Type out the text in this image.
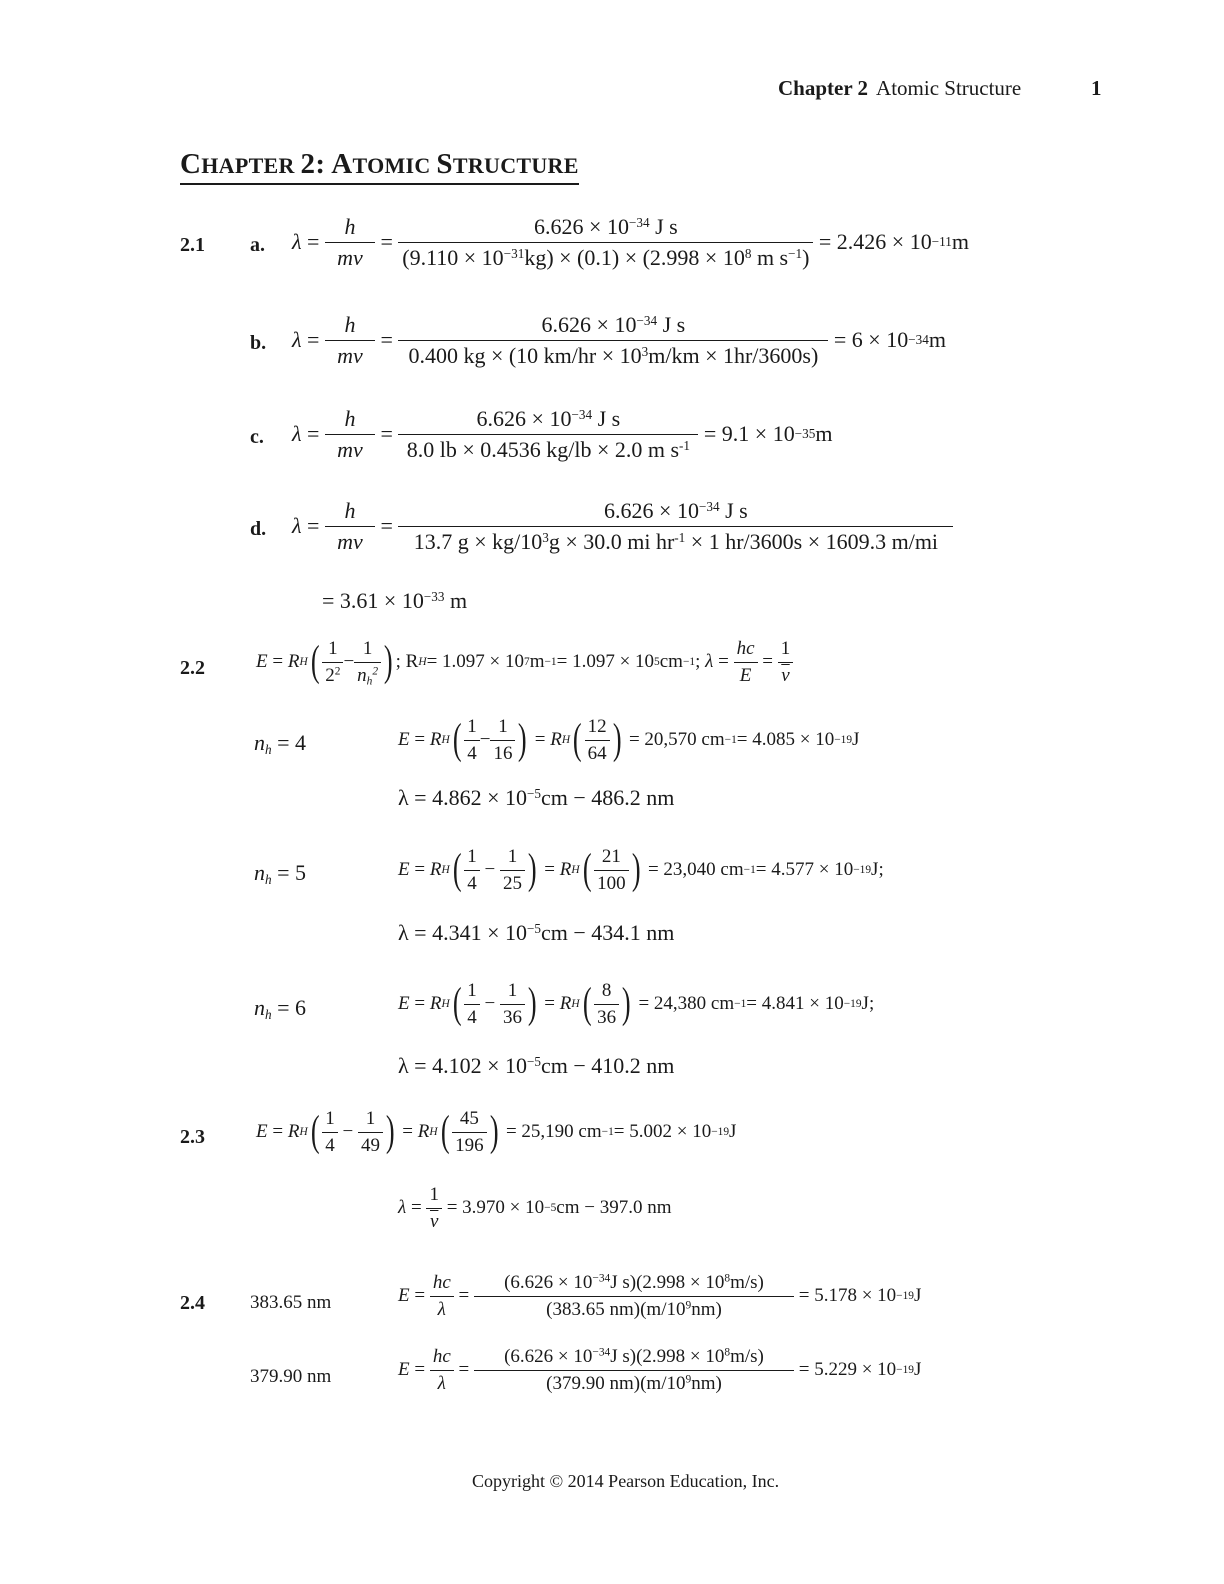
Chapter 2 Atomic Structure	1
CHAPTER 2: ATOMIC STRUCTURE
2.1 a. λ
=
$\frac{h}{mv}$
=
$\frac{6.626 \times 10^{-34} J s}{(9.110 \times 10^{-31}kg) \times (0.1) \times (2.998 \times 10^8 m s^{-1})}$
= 2.426 × 10 −11 m
b. λ
=
$\frac{h}{mv}$
=
$\frac{6.626 \times 10^{-34} J s}{0.400 kg \times (10 km/hr \times 10^3m/km \times 1hr/3600s)}$
= 6 × 10 −34 m
c. λ
=
$\frac{h}{mv}$
=
$\frac{6.626 \times 10^{-34} J s}{8.0 lb \times 0.4536 kg/lb \times 2.0 m s^{-1}}$
= 9.1 × 10 −35 m
d. λ
=
$\frac{h}{mv}$
=
$\frac{6.626 \times 10^{-34} J s}{13.7 g \times kg/10^3g \times 30.0 mi hr^{-1} \times 1 hr/3600s \times 1609.3 m/mi}$
= $3.61 \times 10^{-33}$ m
2.2	E = R H ( $\frac{1}{2^2} - \frac{1}{n_h^2}$ ) ; R H = 1.097 × 10 7 m −1 = 1.097 × 10 5 cm −1 ;
$\lambda = \frac{hc}{E} = \frac{1}{\nu}$
$n_h = 4$	E = R H ( $\frac{1}{4} - \frac{1}{16}$ ) = R H ( $\frac{12}{64}$ )
= 20,570 cm −1 = 4.085 × 10 −19 J
$\lambda = 4.862 \times 10^{-5}cm - 486.2$ nm
$n_h = 5$	E = R H ( $\frac{1}{4} - \frac{1}{25}$ ) = R H ( $\frac{21}{100}$ )
= 23,040 cm −1 = 4.577 × 10 −19 J ;
$\lambda = 4.341 \times 10^{-5}cm - 434.1$ nm
$n_h = 6$	E = R H ( $\frac{1}{4} - \frac{1}{36}$ ) = R H ( $\frac{8}{36}$ )
= 24,380 cm −1 = 4.841 × 10 −19 J ;
$\lambda = 4.102 \times 10^{-5}cm - 410.2$ nm
2.3	E = R H ( $\frac{1}{4} - \frac{1}{49}$ ) = R H ( $\frac{45}{196}$ )
= 25,190 cm −1 = 5.002 × 10 −19 J
$\lambda = \frac{1}{\nu}$
= 3.970 × 10 −5 cm − 397.0 nm
2.4 383.65 nm	$E = \frac{hc}{\lambda} = \frac{(6.626 \times 10^{-34}J s)(2.998 \times 10^8m/s)}{(383.65 nm)(m/10^9nm)}$
= 5.178 × 10 −19 J
379.90 nm	$E = \frac{hc}{\lambda} = \frac{(6.626 \times 10^{-34}J s)(2.998 \times 10^8m/s)}{(379.90 nm)(m/10^9nm)}$
= 5.229 × 10 −19 J
Copyright © 2014 Pearson Education, Inc.
